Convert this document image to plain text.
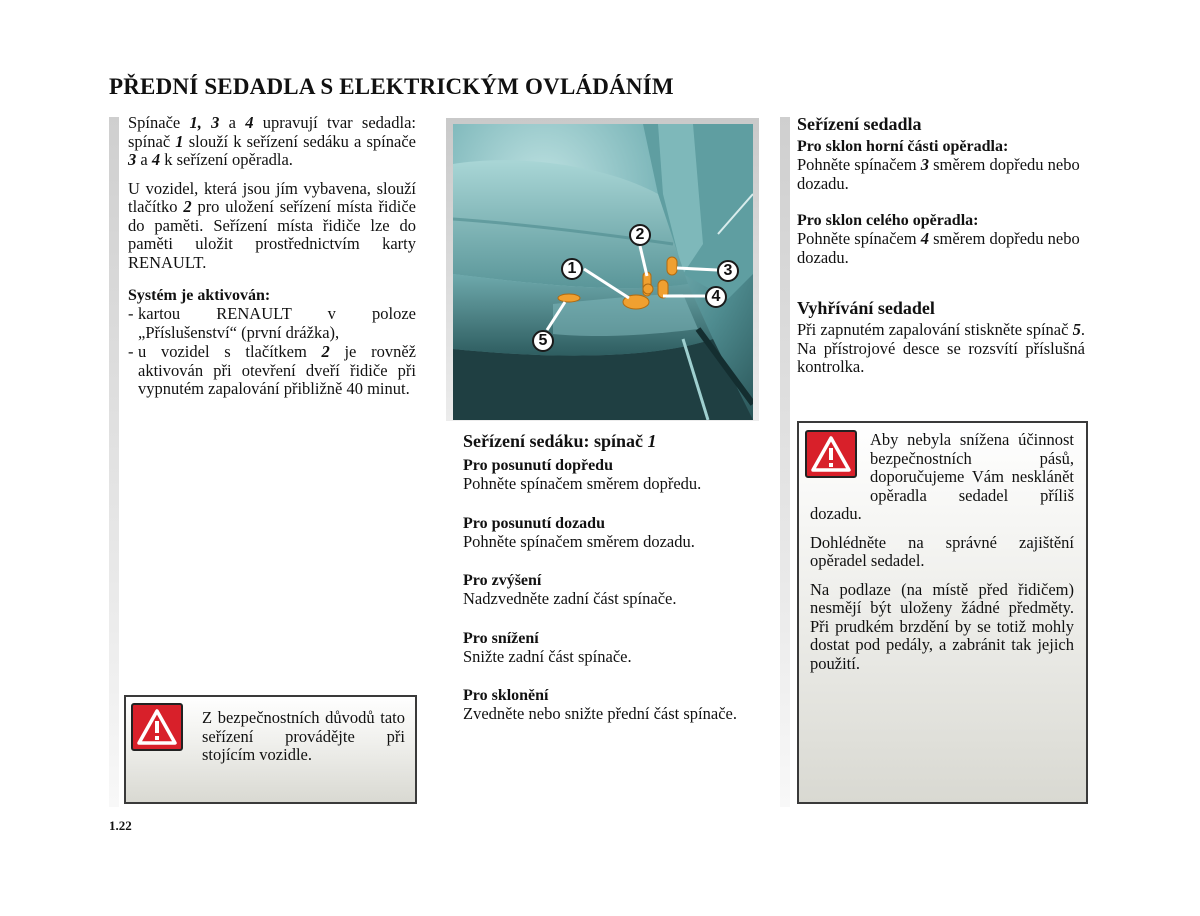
PŘEDNÍ SEDADLA S ELEKTRICKÝM OVLÁDÁNÍM

Spínače 1, 3 a 4 upravují tvar sedadla: spínač 1 slouží k seřízení sedáku a spínače 3 a 4 k seřízení opěradla.

U vozidel, která jsou jím vybavena, slouží tlačítko 2 pro uložení seřízení místa řidiče do paměti. Seřízení místa řidiče lze do paměti uložit prostřednictvím karty RENAULT.

Systém je aktivován:
- kartou RENAULT v poloze „Příslušenství“ (první drážka),
- u vozidel s tlačítkem 2 je rovněž aktivován při otevření dveří řidiče při vypnutém zapalování přibližně 40 minut.
Z bezpečnostních důvodů tato seřízení provádějte při stojícím vozidle.
1
2
3
4
5
Seřízení sedáku: spínač 1
Pro posunutí dopředu
Pohněte spínačem směrem dopředu.
Pro posunutí dozadu
Pohněte spínačem směrem dozadu.
Pro zvýšení
Nadzvedněte zadní část spínače.
Pro snížení
Snižte zadní část spínače.
Pro sklonění
Zvedněte nebo snižte přední část spínače.
Seřízení sedadla
Pro sklon horní části opěradla:

Pohněte spínačem 3 směrem dopředu nebo dozadu.

Pro sklon celého opěradla:

Pohněte spínačem 4 směrem dopředu nebo dozadu.

Vyhřívání sedadel

Při zapnutém zapalování stiskněte spínač 5. Na přístrojové desce se rozsvítí příslušná kontrolka.

Aby nebyla snížena účinnost bezpečnostních pásů, doporučujeme Vám nesklánět opěradla sedadel příliš dozadu.

Dohlédněte na správné zajištění opěradel sedadel.

Na podlaze (na místě před řidičem) nesmějí být uloženy žádné předměty. Při prudkém brzdění by se totiž mohly dostat pod pedály, a zabránit tak jejich použití.

1.22
